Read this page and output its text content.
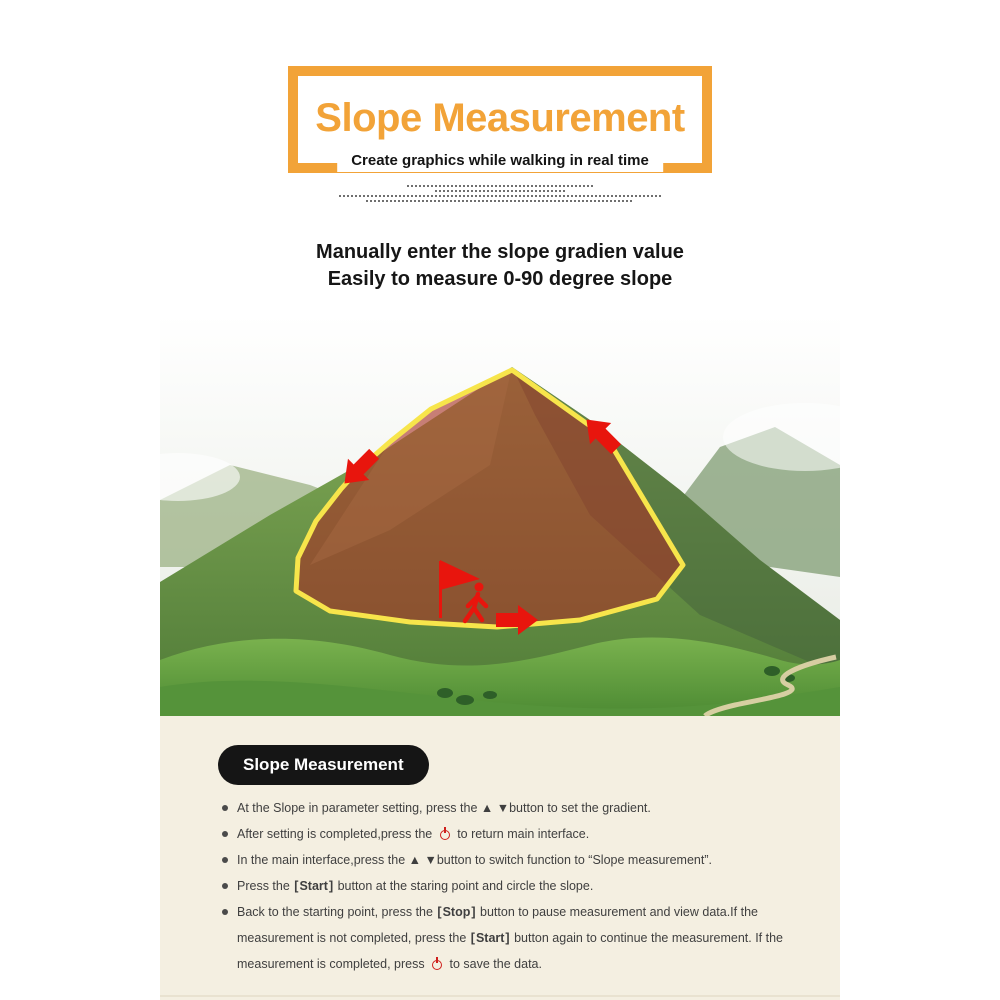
Slope Measurement
Create graphics while walking in real time
Manually enter the slope gradien value
Easily to measure 0-90 degree slope
Slope Measurement
At the Slope in parameter setting, press the ▲ ▼button to set the gradient.
After setting is completed,press the  to return main interface.
In the main interface,press the ▲ ▼button to switch function to “Slope measurement”.
Press the [ Start ] button at the staring point and circle the slope.
Back to the starting point, press the [ Stop ] button to pause measurement and view data.If the measurement is not completed, press the [ Start ] button again to continue the measurement. If the measurement is completed, press  to save the data.
